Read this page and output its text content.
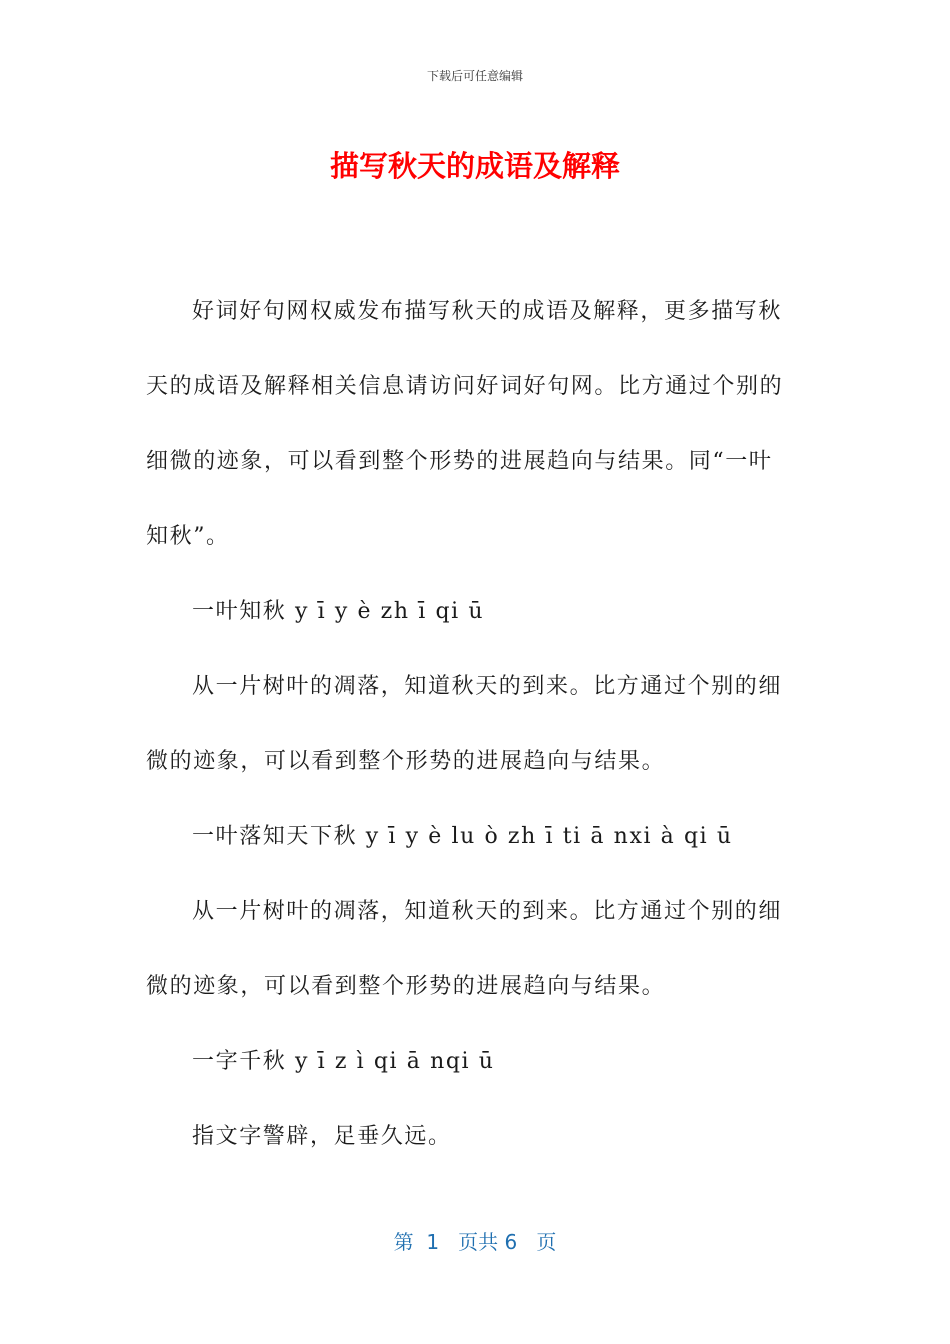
下载后可任意编辑
描写秋天的成语及解释

好词好句网权威发布描写秋天的成语及解释，更多描写秋天的成语及解释相关信息请访问好词好句网。比方通过个别的细微的迹象，可以看到整个形势的进展趋向与结果。同“一叶知秋”。

一叶知秋 y ī y è zh ī qi ū

从一片树叶的凋落，知道秋天的到来。比方通过个别的细微的迹象，可以看到整个形势的进展趋向与结果。

一叶落知天下秋 y ī y è lu ò zh ī ti ā nxi à qi ū

从一片树叶的凋落，知道秋天的到来。比方通过个别的细微的迹象，可以看到整个形势的进展趋向与结果。

一字千秋 y ī z ì qi ā nqi ū

指文字警辟，足垂久远。

第  1   页共 6   页
